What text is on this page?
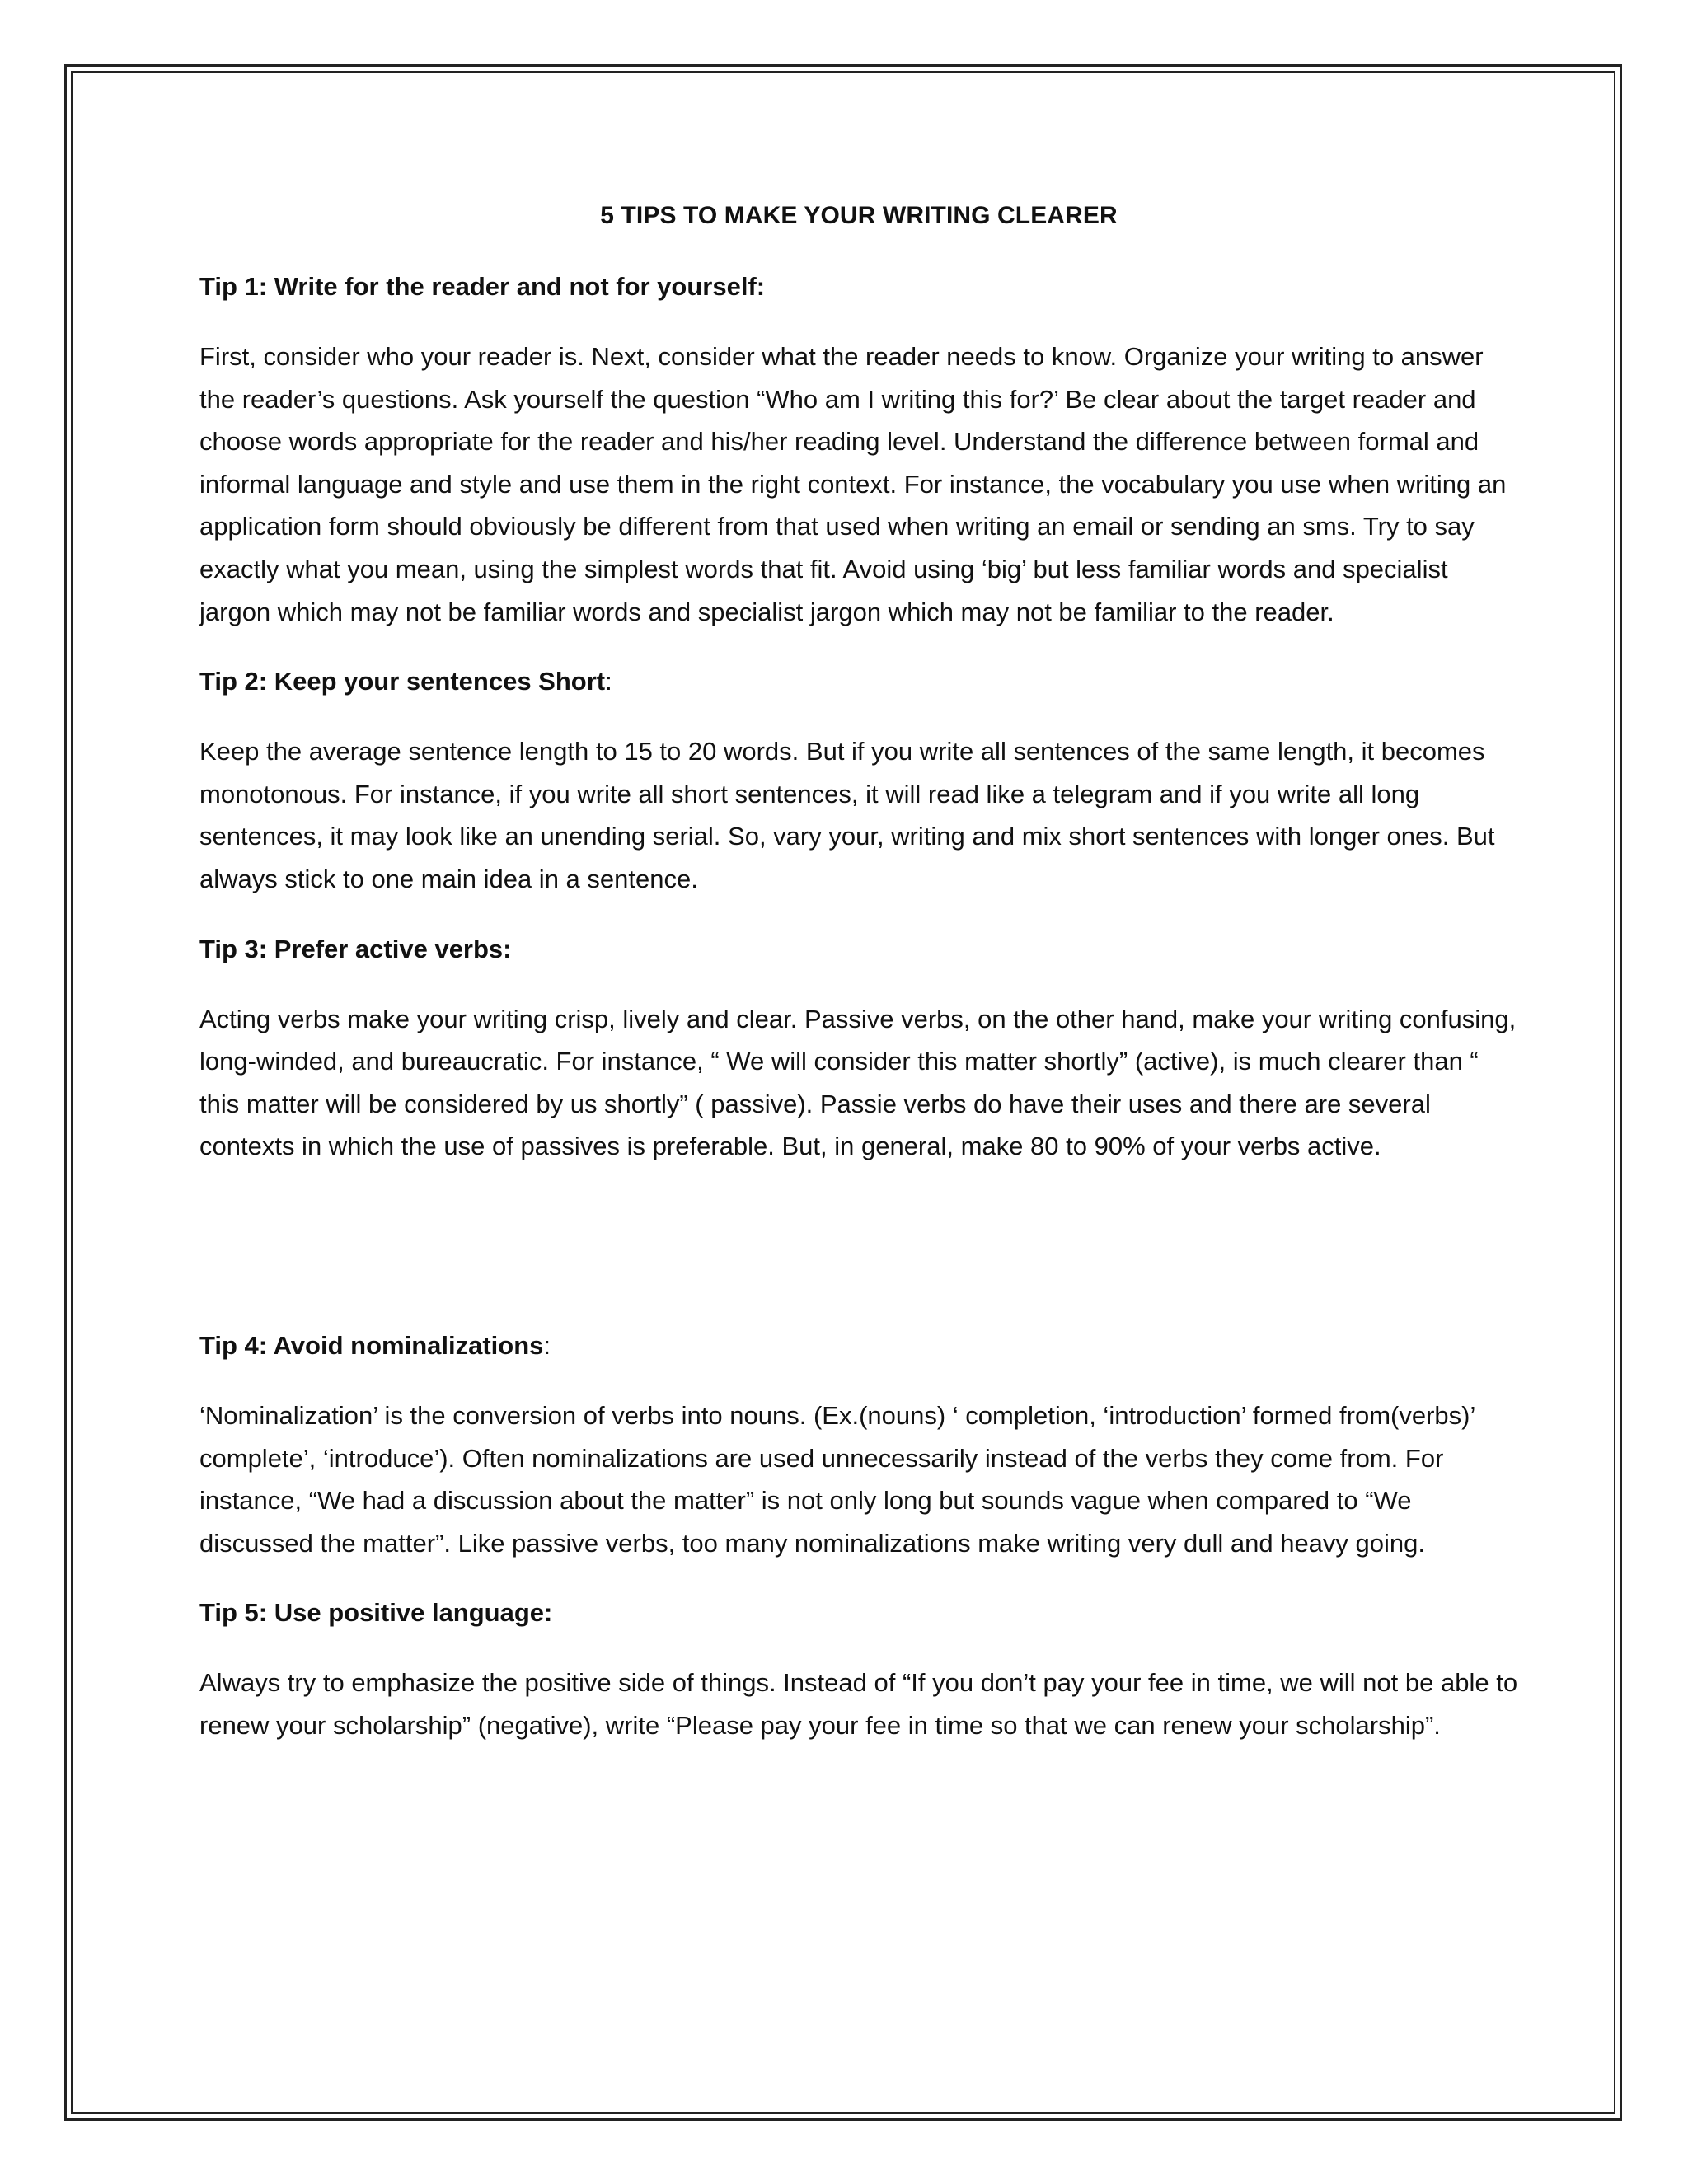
5 TIPS TO MAKE YOUR WRITING CLEARER
Tip 1: Write for the reader and not for yourself:

First, consider who your reader is. Next, consider what the reader needs to know. Organize your writing to answer the reader’s questions. Ask yourself the question “Who am I writing this for?’ Be clear about the target reader and choose words appropriate for the reader and his/her reading level. Understand the difference between formal and informal language and style and use them in the right context. For instance, the vocabulary you use when writing an application form should obviously be different from that used when writing an email or sending an sms. Try to say exactly what you mean, using the simplest words that fit. Avoid using ‘big’ but less familiar words and specialist jargon which may not be familiar words and specialist jargon which may not be familiar to the reader.

Tip 2: Keep your sentences Short:

Keep the average sentence length to 15 to 20 words. But if you write all sentences of the same length, it becomes monotonous. For instance, if you write all short sentences, it will read like a telegram and if you write all long sentences, it may look like an unending serial. So, vary your, writing and mix short sentences with longer ones. But always stick to one main idea in a sentence.

Tip 3: Prefer active verbs:

Acting verbs make your writing crisp, lively and clear. Passive verbs, on the other hand, make your writing confusing, long-winded, and bureaucratic. For instance, “ We will consider this matter shortly” (active), is much clearer than “ this matter will be considered by us shortly” ( passive). Passie verbs do have their uses and there are several contexts in which the use of passives is preferable. But, in general, make 80 to 90% of your verbs active.

Tip 4: Avoid nominalizations:

‘Nominalization’ is the conversion of verbs into nouns. (Ex.(nouns) ‘ completion, ‘introduction’ formed from(verbs)’ complete’, ‘introduce’). Often nominalizations are used unnecessarily instead of the verbs they come from. For instance, “We had a discussion about the matter” is not only long but sounds vague when compared to “We discussed the matter”. Like passive verbs, too many nominalizations make writing very dull and heavy going.

Tip 5: Use positive language:

Always try to emphasize the positive side of things. Instead of “If you don’t pay your fee in time, we will not be able to renew your scholarship” (negative), write “Please pay your fee in time so that we can renew your scholarship”.
